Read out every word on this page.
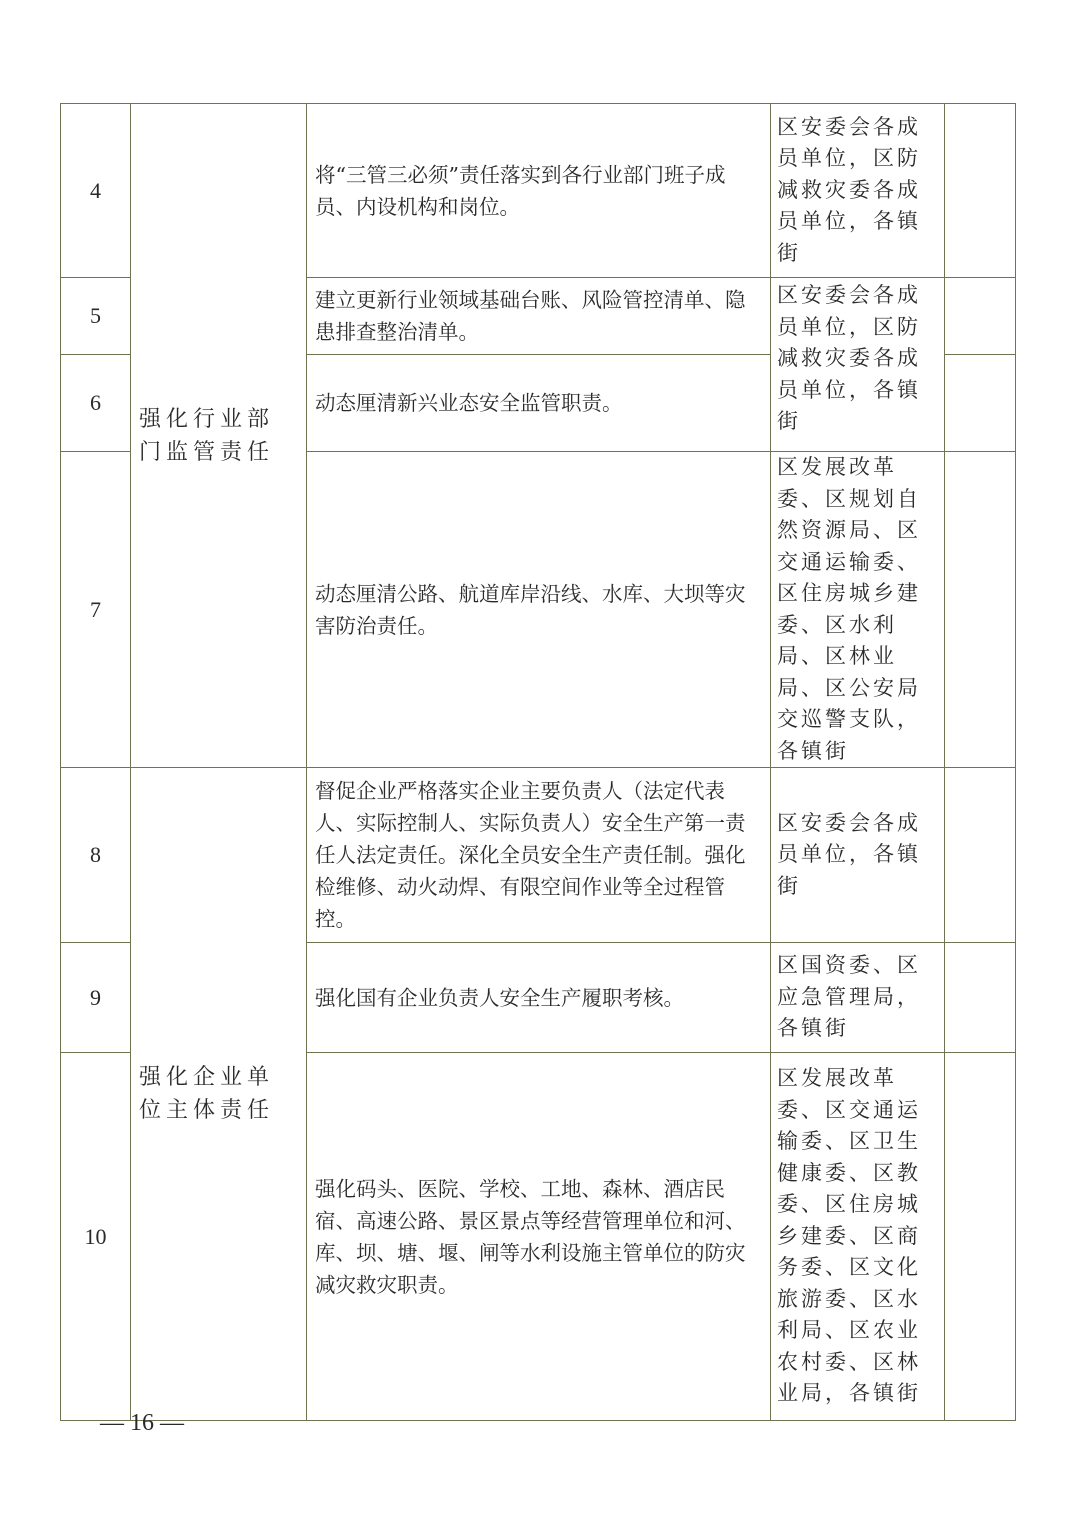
4	强化行业部门监管责任	将“三管三必须”责任落实到各行业部门班子成员、内设机构和岗位。	区安委会各成员单位，区防减救灾委各成员单位，各镇街	
5		建立更新行业领域基础台账、风险管控清单、隐患排查整治清单。	区安委会各成员单位，区防减救灾委各成员单位，各镇街	
6		动态厘清新兴业态安全监管职责。		
7		动态厘清公路、航道库岸沿线、水库、大坝等灾害防治责任。	区发展改革委、区规划自然资源局、区交通运输委、区住房城乡建委、区水利局、区林业局、区公安局交巡警支队，各镇街	
8	强化企业单位主体责任	督促企业严格落实企业主要负责人（法定代表人、实际控制人、实际负责人）安全生产第一责任人法定责任。深化全员安全生产责任制。强化检维修、动火动焊、有限空间作业等全过程管控。	区安委会各成员单位，各镇街	
9		强化国有企业负责人安全生产履职考核。	区国资委、区应急管理局，各镇街	
10		强化码头、医院、学校、工地、森林、酒店民宿、高速公路、景区景点等经营管理单位和河、库、坝、塘、堰、闸等水利设施主管单位的防灾减灾救灾职责。	区发展改革委、区交通运输委、区卫生健康委、区教委、区住房城乡建委、区商务委、区文化旅游委、区水利局、区农业农村委、区林业局，各镇街	
— 16 —
